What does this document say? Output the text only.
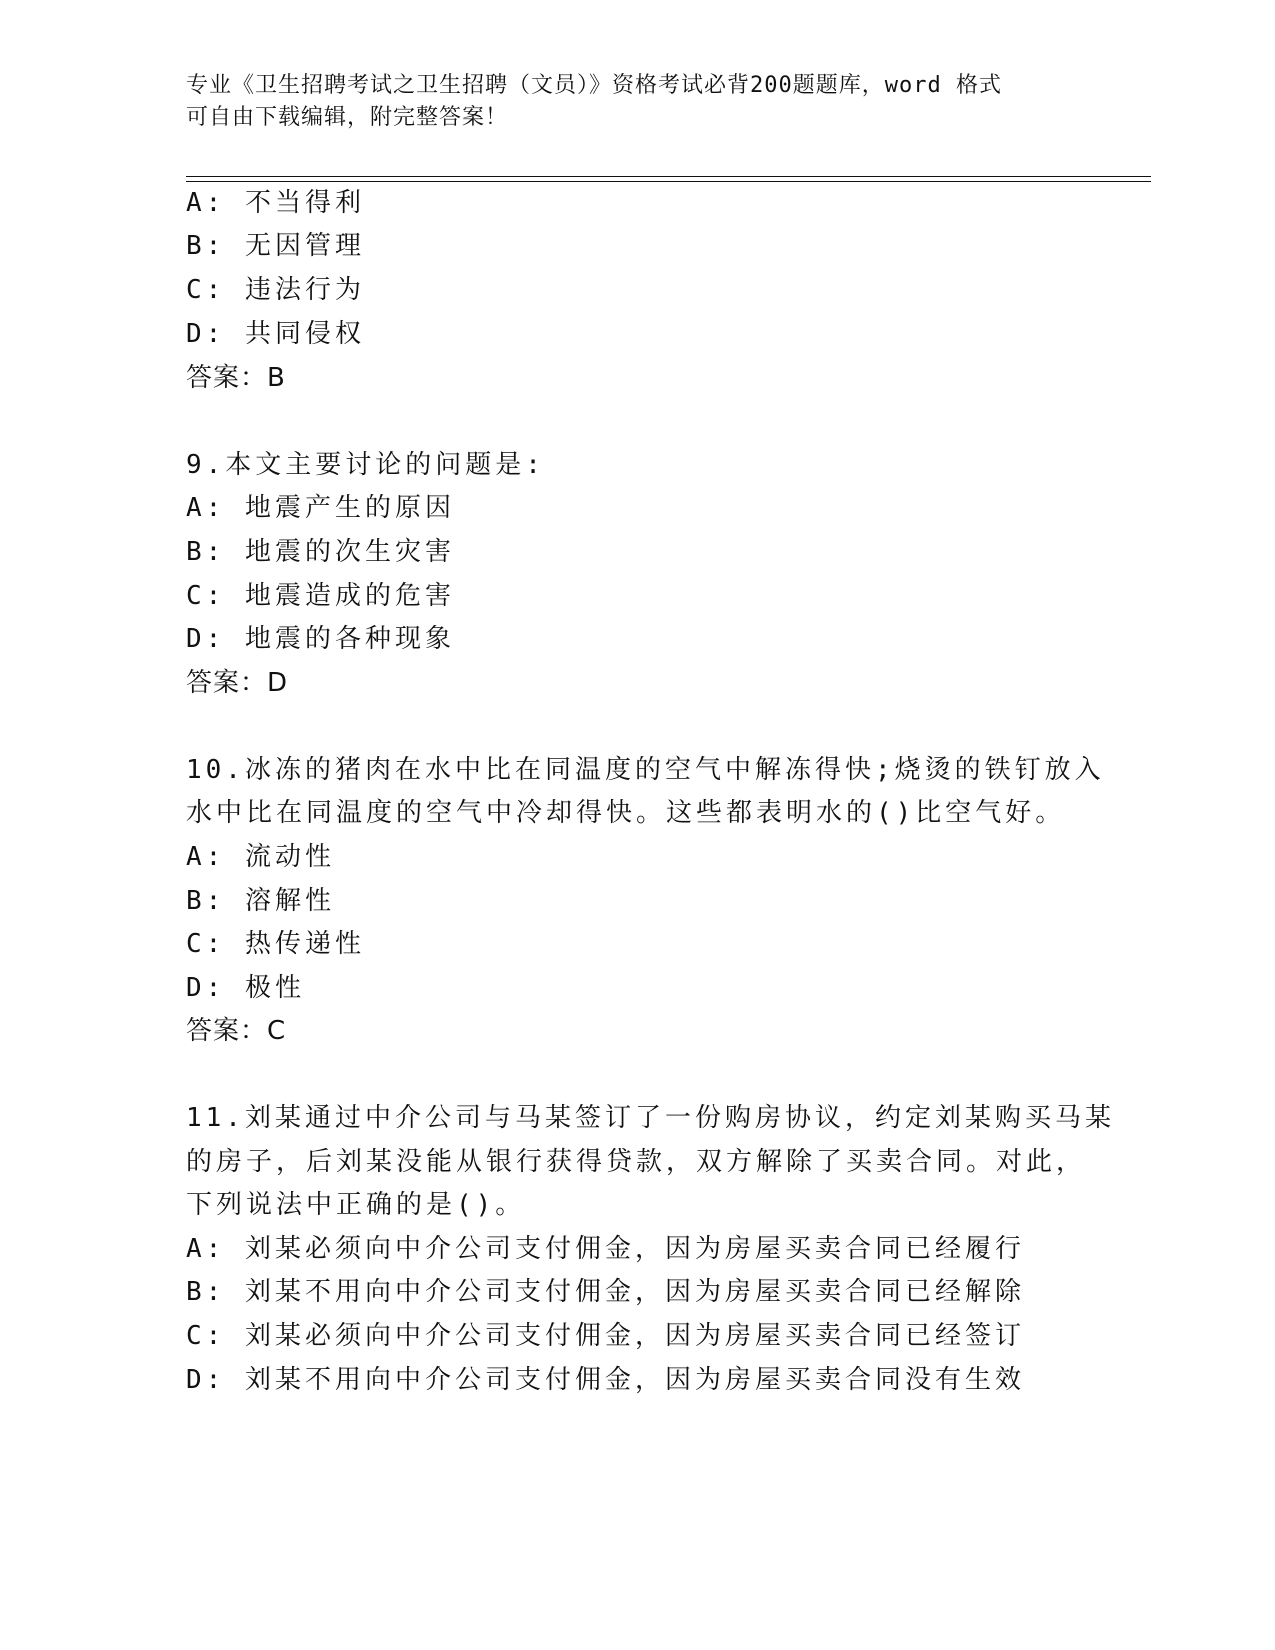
专业《卫生招聘考试之卫生招聘（文员）》资格考试必背200题题库，word 格式
可自由下载编辑，附完整答案！
A: 不当得利
B: 无因管理
C: 违法行为
D: 共同侵权
答案：B
9.本文主要讨论的问题是:
A: 地震产生的原因
B: 地震的次生灾害
C: 地震造成的危害
D: 地震的各种现象
答案：D
10.冰冻的猪肉在水中比在同温度的空气中解冻得快;烧烫的铁钉放入
水中比在同温度的空气中冷却得快。这些都表明水的()比空气好。
A: 流动性
B: 溶解性
C: 热传递性
D: 极性
答案：C
11.刘某通过中介公司与马某签订了一份购房协议，约定刘某购买马某
的房子，后刘某没能从银行获得贷款，双方解除了买卖合同。对此，
下列说法中正确的是()。
A: 刘某必须向中介公司支付佣金，因为房屋买卖合同已经履行
B: 刘某不用向中介公司支付佣金，因为房屋买卖合同已经解除
C: 刘某必须向中介公司支付佣金，因为房屋买卖合同已经签订
D: 刘某不用向中介公司支付佣金，因为房屋买卖合同没有生效
